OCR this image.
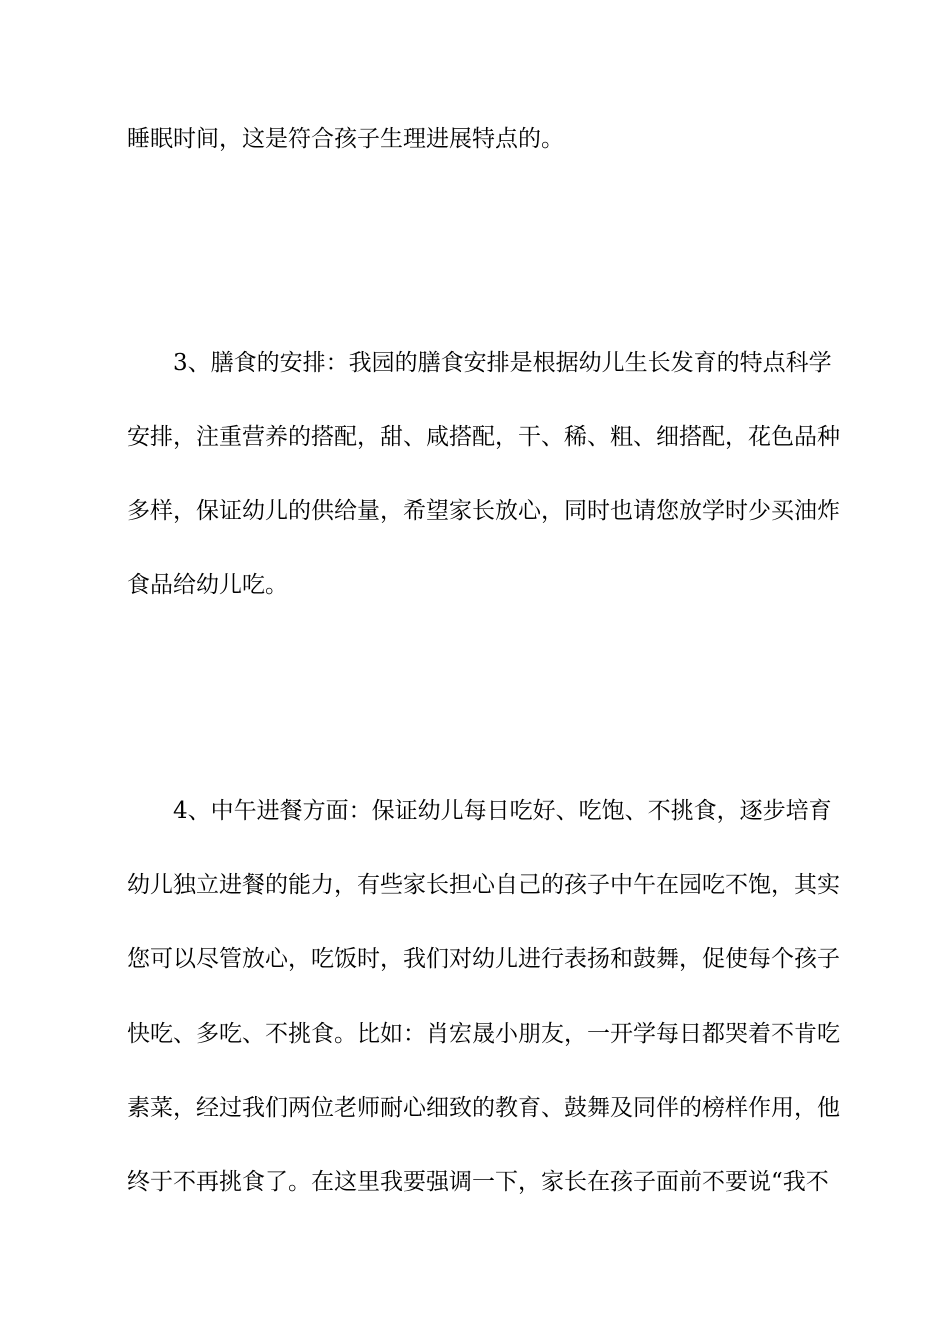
睡眠时间，这是符合孩子生理进展特点的。
3、膳食的安排：我园的膳食安排是根据幼儿生长发育的特点科学
安排，注重营养的搭配，甜、咸搭配，干、稀、粗、细搭配，花色品种
多样，保证幼儿的供给量，希望家长放心，同时也请您放学时少买油炸
食品给幼儿吃。
4、中午进餐方面：保证幼儿每日吃好、吃饱、不挑食，逐步培育
幼儿独立进餐的能力，有些家长担心自己的孩子中午在园吃不饱，其实
您可以尽管放心，吃饭时，我们对幼儿进行表扬和鼓舞，促使每个孩子
快吃、多吃、不挑食。比如：肖宏晟小朋友，一开学每日都哭着不肯吃
素菜，经过我们两位老师耐心细致的教育、鼓舞及同伴的榜样作用，他
终于不再挑食了。在这里我要强调一下，家长在孩子面前不要说“我不
